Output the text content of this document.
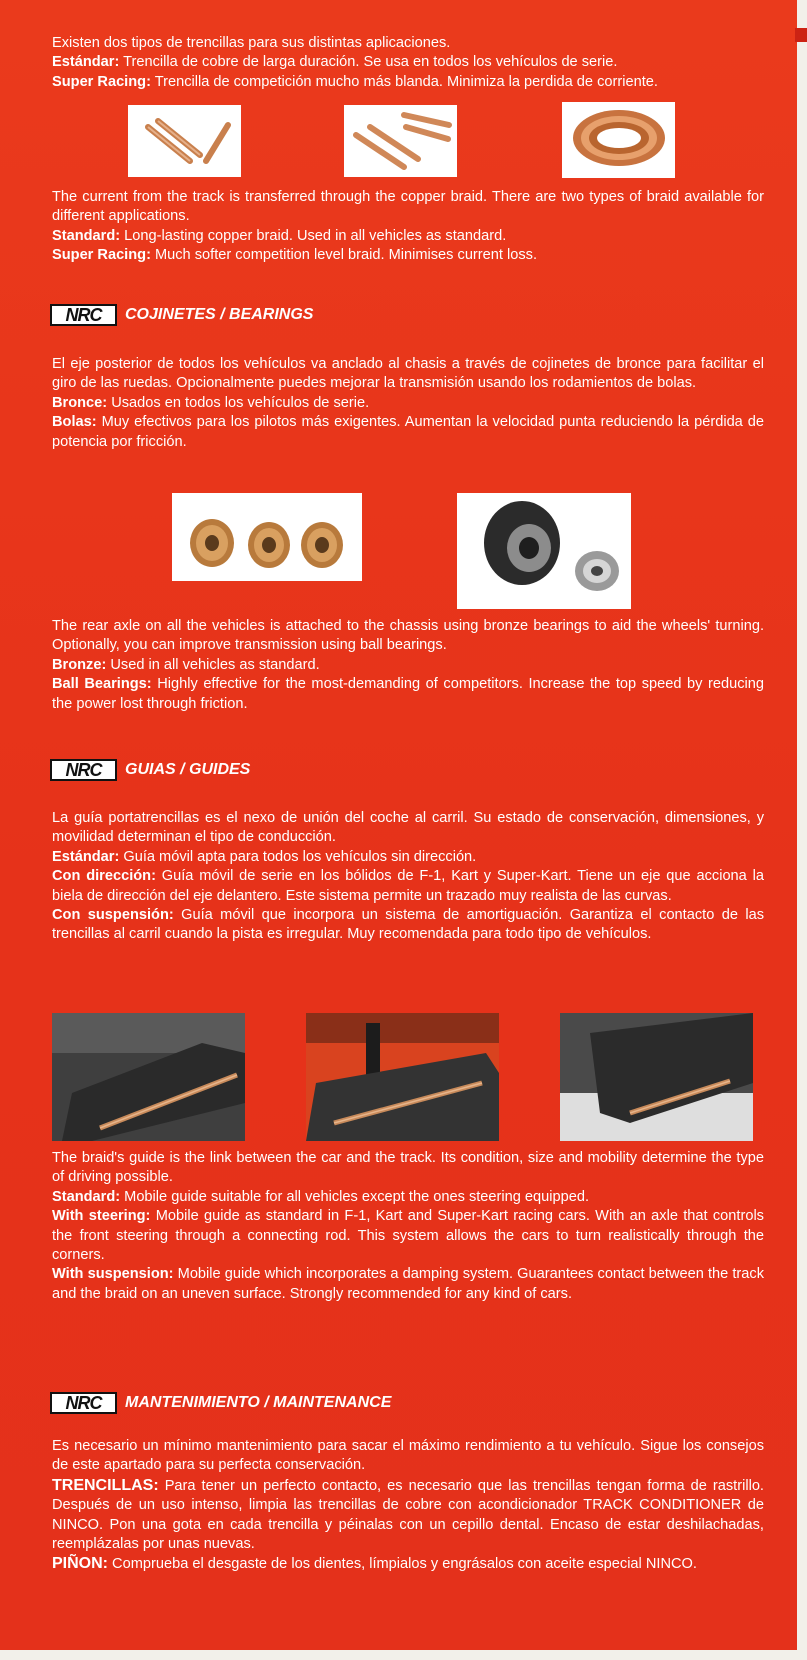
Existen dos tipos de trencillas para sus distintas aplicaciones.

Estándar: Trencilla de cobre de larga duración. Se usa en todos los vehículos de serie.

Super Racing: Trencilla de competición mucho más blanda. Minimiza la perdida de corriente.

The current from the track is transferred through the copper braid. There are two types of braid available for different applications.

Standard: Long-lasting copper braid. Used in all vehicles as standard.

Super Racing: Much softer competition level braid. Minimises current loss.

NRC	COJINETES / BEARINGS

El eje posterior de todos los vehículos va anclado al chasis a través de cojinetes de bronce para facilitar el giro de las ruedas. Opcionalmente puedes mejorar la transmisión usando los rodamientos de bolas.

Bronce: Usados en todos los vehículos de serie.

Bolas: Muy efectivos para los pilotos más exigentes. Aumentan la velocidad punta reduciendo la pérdida de potencia por fricción.

The rear axle on all the vehicles is attached to the chassis using bronze bearings to aid the wheels' turning. Optionally, you can improve transmission using ball bearings.

Bronze: Used in all vehicles as standard.

Ball Bearings: Highly effective for the most-demanding of competitors. Increase the top speed by reducing the power lost through friction.

NRC	GUIAS / GUIDES

La guía portatrencillas es el nexo de unión del coche al carril. Su estado de conservación, dimensiones, y movilidad determinan el tipo de conducción.

Estándar: Guía móvil apta para todos los vehículos sin dirección.

Con dirección: Guía móvil de serie en los bólidos de F-1, Kart y Super-Kart. Tiene un eje que acciona la biela de dirección del eje delantero. Este sistema permite un trazado muy realista de las curvas.

Con suspensión: Guía móvil que incorpora un sistema de amortiguación. Garantiza el contacto de las trencillas al carril cuando la pista es irregular. Muy recomendada para todo tipo de vehículos.

The braid's guide is the link between the car and the track. Its condition, size and mobility determine the type of driving possible.

Standard: Mobile guide suitable for all vehicles except the ones steering equipped.

With steering: Mobile guide as standard in F-1, Kart and Super-Kart racing cars. With an axle that controls the front steering through a connecting rod. This system allows the cars to turn realistically through the corners.

With suspension: Mobile guide which incorporates a damping system. Guarantees contact between the track and the braid on an uneven surface. Strongly recommended for any kind of cars.

NRC	MANTENIMIENTO / MAINTENANCE

Es necesario un mínimo mantenimiento para sacar el máximo rendimiento a tu vehículo. Sigue los consejos de este apartado para su perfecta conservación.

TRENCILLAS: Para tener un perfecto contacto, es necesario que las trencillas tengan forma de rastrillo. Después de un uso intenso, limpia las trencillas de cobre con acondicionador TRACK CONDITIONER de NINCO. Pon una gota en cada trencilla y péinalas con un cepillo dental. Encaso de estar deshilachadas, reemplázalas por unas nuevas.

PIÑON: Comprueba el desgaste de los dientes, límpialos y engrásalos con aceite especial NINCO.
